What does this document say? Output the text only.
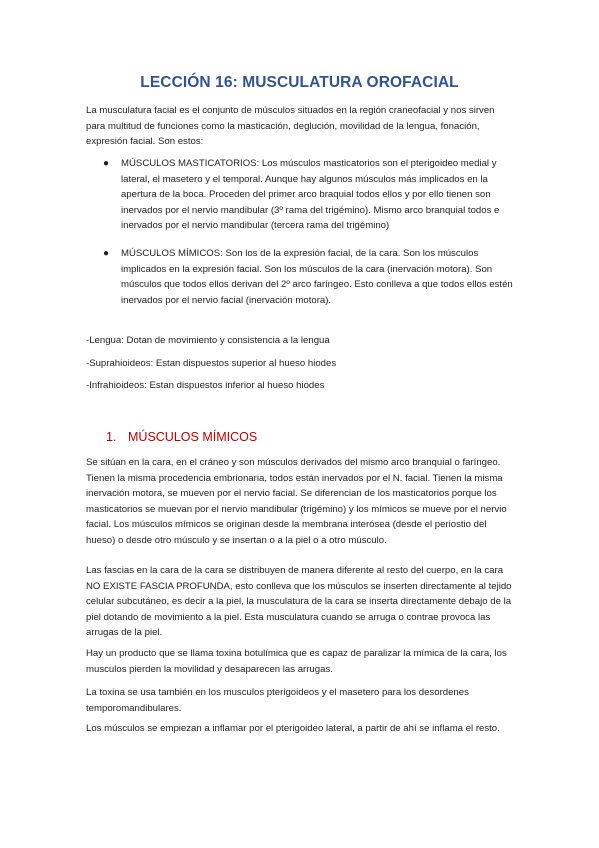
LECCIÓN 16: MUSCULATURA OROFACIAL

La musculatura facial es el conjunto de músculos situados en la región craneofacial y nos sirven para multitud de funciones como la masticación, deglución, movilidad de la lengua, fonación, expresión facial. Son estos:

● MÚSCULOS MASTICATORIOS: Los músculos masticatorios son el pterigoideo medial y lateral, el masetero y el temporal. Aunque hay algunos músculos más implicados en la apertura de la boca. Proceden del primer arco braquial todos ellos y por ello tienen son inervados por el nervio mandibular (3º rama del trigémino). Mismo arco branquial todos e inervados por el nervio mandibular (tercera rama del trigémino)
● MÚSCULOS MÍMICOS: Son los de la expresión facial, de la cara. Son los músculos implicados en la expresión facial. Son los músculos de la cara (inervación motora). Son músculos que todos ellos derivan del 2º arco faríngeo. Esto conlleva a que todos ellos estén inervados por el nervio facial (inervación motora).

-Lengua: Dotan de movimiento y consistencia a la lengua

-Suprahioideos: Estan dispuestos superior al hueso hiodes

-Infrahioideos: Estan dispuestos inferior al hueso hiodes

1. MÚSCULOS MÍMICOS

Se sitúan en la cara, en el cráneo y son músculos derivados del mismo arco branquial o faríngeo. Tienen la misma procedencia embrionaria, todos están inervados por el N. facial. Tienen la misma inervación motora, se mueven por el nervio facial. Se diferencian de los masticatorios porque los masticatorios se muevan por el nervio mandibular (trigémino) y los mímicos se mueve por el nervio facial. Los músculos mímicos se originan desde la membrana interósea (desde el periostio del hueso) o desde otro músculo y se insertan o a la piel o a otro músculo.

Las fascias en la cara de la cara se distribuyen de manera diferente al resto del cuerpo, en la cara NO EXISTE FASCIA PROFUNDA, esto conlleva que los músculos se inserten directamente al tejido celular subcutáneo, es decir a la piel, la musculatura de la cara se inserta directamente debajo de la piel dotando de movimiento a la piel. Esta musculatura cuando se arruga o contrae provoca las arrugas de la piel.

Hay un producto que se llama toxina botulímica que es capaz de paralizar la mímica de la cara, los musculos pierden la movilidad y desaparecen las arrugas.

La toxina se usa también en los musculos pterigoideos y el masetero para los desordenes temporomandibulares.

Los músculos se empiezan a inflamar por el pterigoideo lateral, a partir de ahí se inflama el resto.
